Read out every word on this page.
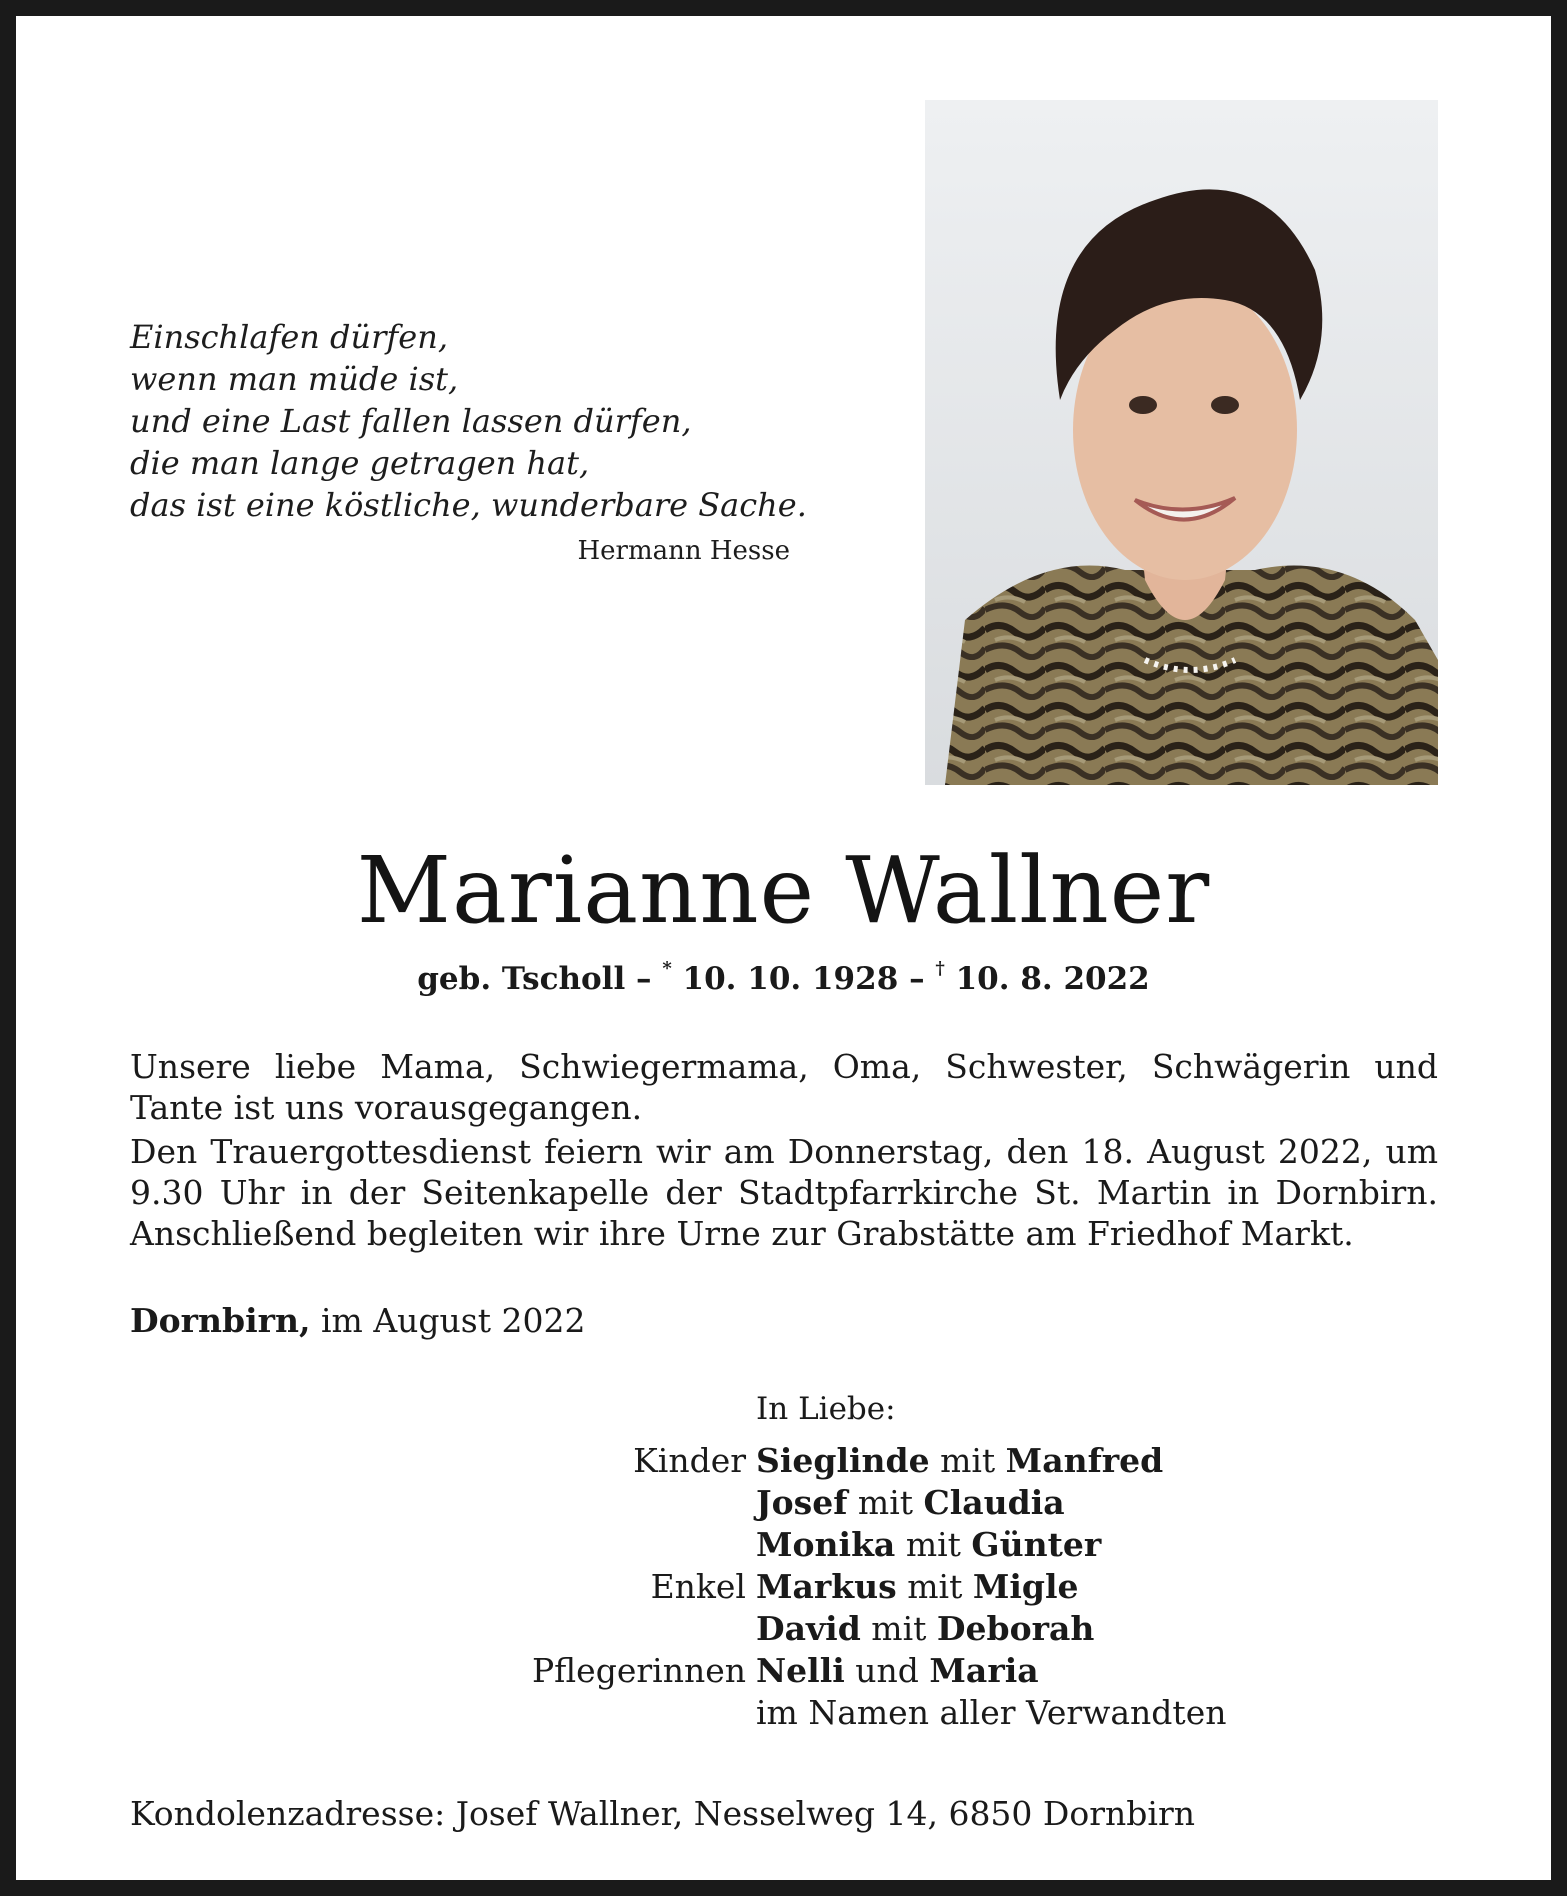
Einschlafen dürfen,
wenn man müde ist,
und eine Last fallen lassen dürfen,
die man lange getragen hat,
das ist eine köstliche, wunderbare Sache.
Hermann Hesse
Marianne Wallner
geb. Tscholl – * 10. 10. 1928 – † 10. 8. 2022
Unsere liebe Mama, Schwiegermama, Oma, Schwester, Schwägerin und Tante ist uns vorausgegangen.
Den Trauergottesdienst feiern wir am Donnerstag, den 18. August 2022, um 9.30 Uhr in der Seitenkapelle der Stadtpfarrkirche St. Martin in Dornbirn. Anschließend begleiten wir ihre Urne zur Grabstätte am Friedhof Markt.
Dornbirn, im August 2022
In Liebe:
Kinder Sieglinde mit Manfred
Josef mit Claudia
Monika mit Günter
Enkel Markus mit Migle
David mit Deborah
Pflegerinnen Nelli und Maria
im Namen aller Verwandten
Kondolenzadresse: Josef Wallner, Nesselweg 14, 6850 Dornbirn
